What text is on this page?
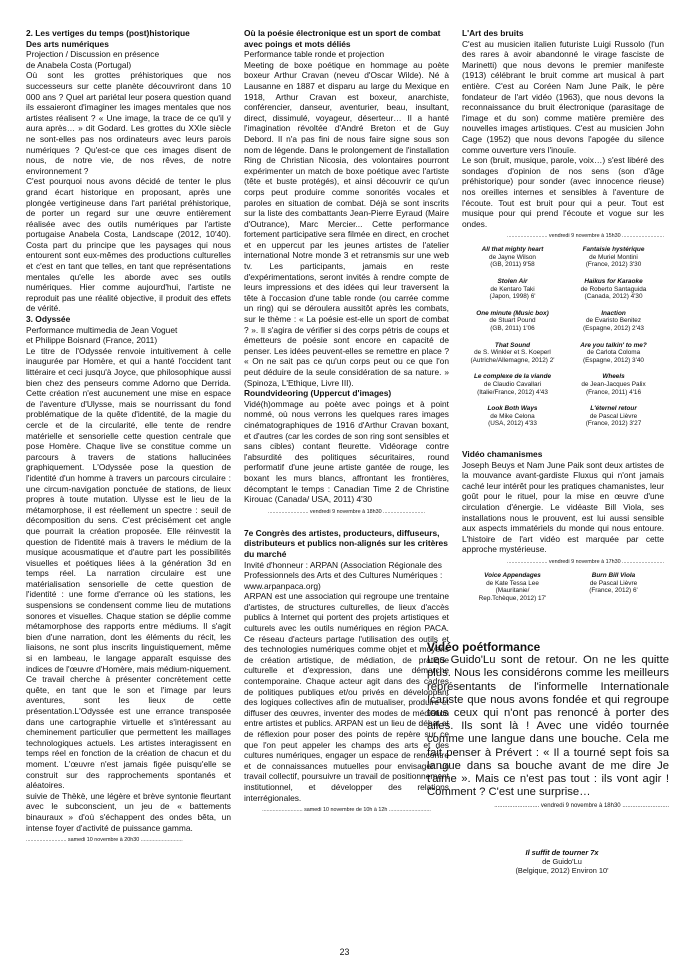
2. Les vertiges du temps (post)historique
Des arts numériques
Projection / Discussion en présence
de Anabela Costa (Portugal)
Où sont les grottes préhistoriques que nos successeurs sur cette planète découvriront dans 10 000 ans ? Quel art pariétal leur posera question quand ils essaieront d'imaginer les images mentales que nos artistes réalisent ? « Une image, la trace de ce qu'il y aura après… » dit Godard. Les grottes du XXIe siècle ne sont-elles pas nos ordinateurs avec leurs parois numériques ? Qu'est-ce que ces images disent de nous, de notre vie, de nos rêves, de notre environnement ?
C'est pourquoi nous avons décidé de tenter le plus grand écart historique en proposant, après une plongée vertigineuse dans l'art pariétal préhistorique, de porter un regard sur une œuvre entièrement réalisée avec des outils numériques par l'artiste portugaise Anabela Costa, Landscape (2012, 10'40). Costa part du principe que les paysages qui nous entourent sont eux-mêmes des productions culturelles et c'est en tant que telles, en tant que représentations mentales qu'elle les aborde avec ses outils numériques. Hier comme aujourd'hui, l'artiste ne reproduit pas une réalité objective, il produit des effets de vérité.
3. Odyssée
Performance multimedia de Jean Voguet
et Philippe Boisnard (France, 2011)
Le titre de l'Odyssée renvoie intuitivement à celle inaugurée par Homère, et qui a hanté l'occident tant littéraire et ceci jusqu'à Joyce, que philosophique aussi bien chez des penseurs comme Adorno que Derrida. Cette création n'est aucunement une mise en espace de l'aventure d'Ulysse, mais se nourrissant du fond problématique de la quête d'identité, de la magie du cercle et de la circularité, elle tente de rendre matérielle et sensorielle cette question centrale que pose Homère. Chaque live se constitue comme un parcours à travers de stations hallucinées graphiquement. L'Odyssée pose la question de l'identité d'un homme à travers un parcours circulaire : une circum-navigation ponctuée de stations, de lieux propres à toute mutation. Ulysse est le lieu de la métamorphose, il est réellement un spectre : seuil de décomposition du sens. C'est précisément cet angle que pourrait la création proposée. Elle réinvestit la question de l'identité mais à travers le médium de la musique acousmatique et d'autre part les possibilités visuelles et poétiques liées à la génération 3d en temps réel. La narration circulaire est une matérialisation sensorielle de cette question de l'identité : une forme d'errance où les stations, les suspensions se condensent comme lieu de mutations sonores et visuelles. Chaque station se déplie comme métamorphose des rapports entre médiums. Il s'agit bien d'une narration, dont les éléments du récit, les liaisons, ne sont plus inscrits linguistiquement, même si en lambeau, le langage apparaît esquisse des indices de l'œuvre d'Homère, mais médium-niquement. Ce travail cherche à présenter concrètement cette quête, en tant que le son et l'image par leurs aventures, sont les lieux de cette présentation.L'Odyssée est une errance transposée dans une cartographie virtuelle et s'intéressant au cheminement particulier que permettent les maillages technologiques actuels. Les artistes interagissent en temps réel en fonction de la création de chacun et du moment. L'œuvre n'est jamais figée puisqu'elle se construit sur des rapprochements spontanés et aléatoires.
suivie de Thèkè, une légère et brève syntonie fleurtant avec le subconscient, un jeu de « battements binauraux » d'où s'échappent des ondes bêta, un intense foyer d'activité de puissance gamma.
........................... samedi 10 novembre à 20h30 ............................
Où la poésie électronique est un sport de combat avec poings et mots déliés
Performance table ronde et projection
Meeting de boxe poétique en hommage au poète boxeur Arthur Cravan (neveu d'Oscar Wilde). Né à Lausanne en 1887 et disparu au large du Mexique en 1918, Arthur Cravan est boxeur, anarchiste, conférencier, danseur, aventurier, beau, insultant, direct, dissimulé, voyageur, déserteur… Il a hanté l'imagination révoltée d'André Breton et de Guy Debord. Il n'a pas fini de nous faire signe sous son nom de légende. Dans le prolongement de l'installation Ring de Christian Nicosia, des volontaires pourront expérimenter un match de boxe poétique avec l'artiste (tête et buste protégés), et ainsi découvrir ce qu'un corps peut produire comme sonorités vocales et paroles en situation de combat. Déjà se sont inscrits sur la liste des combattants Jean-Pierre Eyraud (Maire d'Outrance), Marc Mercier... Cette performance fortement participative sera filmée en direct, en crochet et en uppercut par les jeunes artistes de l'atelier international Notre monde 3 et retransmis sur une web tv. Les participants, jamais en reste d'expérimentations, seront invités à rendre compte de leurs impressions et des idées qui leur traversent la tête à l'occasion d'une table ronde (ou carrée comme un ring) qui se déroulera aussitôt après les combats, sur le thème : « La poésie est-elle un sport de combat ? ». Il s'agira de vérifier si des corps pétris de coups et émetteurs de poésie sont encore en capacité de penser. Les idées peuvent-elles se remettre en place ? « On ne sait pas ce qu'un corps peut ou ce que l'on peut déduire de la seule considération de sa nature. » (Spinoza, L'Ethique, Livre III).
Roundvideoring (Uppercut d'images)
Vidé(h)ommage au poète avec poings et à point nommé, où nous verrons les quelques rares images cinématographiques de 1916 d'Arthur Cravan boxant, et d'autres (car les cordes de son ring sont sensibles et sans cibles) contant fleurette. Vidéorage contre l'absurdité des politiques sécuritaires, round performatif d'une jeune artiste gantée de rouge, les boxant les murs blancs, affrontant les frontières, décomptant le temps : Canadian Time 2 de Christine Kirouac (Canada/ USA, 2011) 4'30
........................... vendredi 9 novembre à 18h30 ............................
7e Congrès des artistes, producteurs, diffuseurs, distributeurs et publics non-alignés sur les critères du marché
Invité d'honneur : ARPAN (Association Régionale des Professionnels des Arts et des Cultures Numériques : www.arpanpaca.org)
ARPAN est une association qui regroupe une trentaine d'artistes, de structures culturelles, de lieux d'accès publics à Internet qui portent des projets artistiques et culturels avec les outils numériques en région PACA. Ce réseau d'acteurs partage l'utilisation des outils et des technologies numériques comme objet et moyens de création artistique, de médiation, de pratique culturelle et d'expression, dans une démarche contemporaine. Chaque acteur agit dans des cadres de politiques publiques et/ou privés en développant des logiques collectives afin de mutualiser, produire et diffuser des œuvres, inventer des modes de médiation entre artistes et publics. ARPAN est un lieu de débat et de réflexion pour poser des points de repère sur ce que l'on peut appeler les champs des arts et des cultures numériques, engager un espace de rencontre et de connaissances mutuelles pour envisager un travail collectif, poursuivre un travail de positionnement institutionnel, et développer des relations interrégionales.
........................... samedi 10 novembre de 10h à 12h ............................
L'Art des bruits
C'est au musicien italien futuriste Luigi Russolo (l'un des rares à avoir abandonné le virage fasciste de Marinetti) que nous devons le premier manifeste (1913) célébrant le bruit comme art musical à part entière. C'est au Coréen Nam June Paik, le père fondateur de l'art vidéo (1963), que nous devons la reconnaissance du bruit électronique (parasitage de l'image et du son) comme matière première des nouvelles images artistiques. C'est au musicien John Cage (1952) que nous devons l'apogée du silence comme ouverture vers l'inouïe.
Le son (bruit, musique, parole, voix…) s'est libéré des sondages d'opinion de nos sens (son d'âge préhistorique) pour sonder (avec innocence rieuse) nos oreilles internes et sensibles à l'aventure de l'écoute. Tout est bruit pour qui a peur. Tout est musique pour qui prend l'écoute et vogue sur les ondes.
........................... vendredi 9 novembre à 15h30 ............................
All that mighty heart
de Jayne Wilson
(GB, 2011) 9'58
Fantaisie hystérique
de Muriel Montini
(France, 2012) 3'30
Stolen Air
de Kentaro Taki
(Japon, 1998) 6'
Haikus for Karaoke
de Roberto Santaguida
(Canada, 2012) 4'30
One minute (Music box)
de Stuart Pound
(GB, 2011) 1'06
Inaction
de Evaristo Benitez
(Espagne, 2012) 2'43
That Sound
de S. Winkler et S. Koeperl
(Autriche/Allemagne, 2012) 2'
Are you talkin' to me?
de Carlota Coloma
(Espagne, 2012) 3'40
Le complexe de la viande
de Claudio Cavallari
(Italie/France, 2012) 4'43
Wheels
de Jean-Jacques Palix
(France, 2011) 4'16
Look Both Ways
de Mike Celona
(USA, 2012) 4'33
L'éternel retour
de Pascal Lièvre
(France, 2012) 3'27
Vidéo chamanismes
Joseph Beuys et Nam June Paik sont deux artistes de la mouvance avant-gardiste Fluxus qui n'ont jamais caché leur intérêt pour les pratiques chamanistes, leur goût pour le rituel, pour la mise en œuvre d'une circulation d'énergie. Le vidéaste Bill Viola, ses installations nous le prouvent, est lui aussi sensible aux aspects immatériels du monde qui nous entoure. L'histoire de l'art vidéo est marquée par cette approche mystérieuse.
........................... vendredi 9 novembre à 17h30 ............................
Voice Appendages
de Kate Tessa Lee
(Mauritanie/
Rep.Tchèque, 2012) 17'
Burn Bill Viola
de Pascal Lièvre
(France, 2012) 6'
Vidéo poétformance
Les Guido'Lu sont de retour. On ne les quitte plus. Nous les considérons comme les meilleurs représentants de l'informelle Internationale Icariste que nous avons fondée et qui regroupe tous ceux qui n'ont pas renoncé à porter des ailes. Ils sont là ! Avec une vidéo tournée comme une langue dans une bouche. Cela me fait penser à Prévert : « Il a tourné sept fois sa langue dans sa bouche avant de me dire Je t'aime ». Mais ce n'est pas tout : ils vont agir ! Comment ? C'est une surprise…
........................... vendredi 9 novembre à 18h30 ............................
Il suffit de tourner 7x
de Guido'Lu
(Belgique, 2012) Environ 10'
23
